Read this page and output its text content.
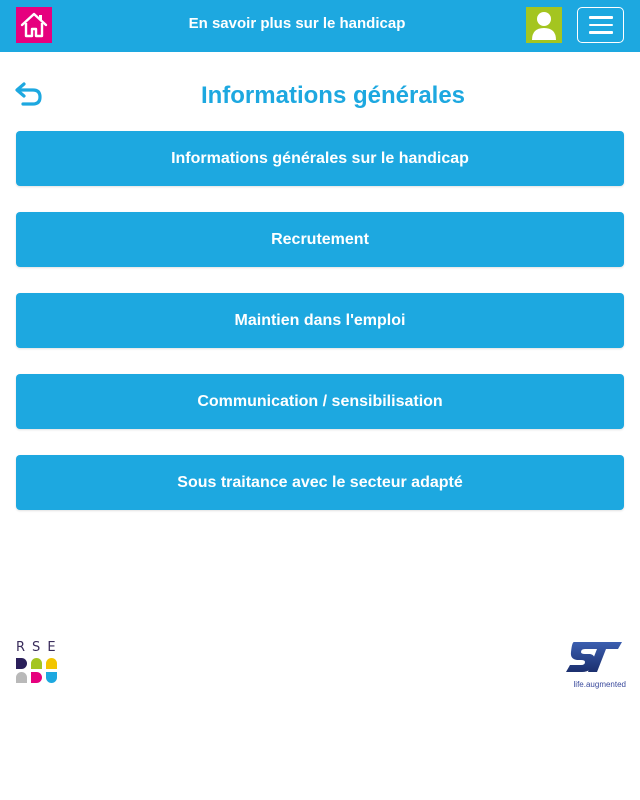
En savoir plus sur le handicap
Informations générales
Informations générales sur le handicap
Recrutement
Maintien dans l'emploi
Communication / sensibilisation
Sous traitance avec le secteur adapté
R S E
life.augmented
